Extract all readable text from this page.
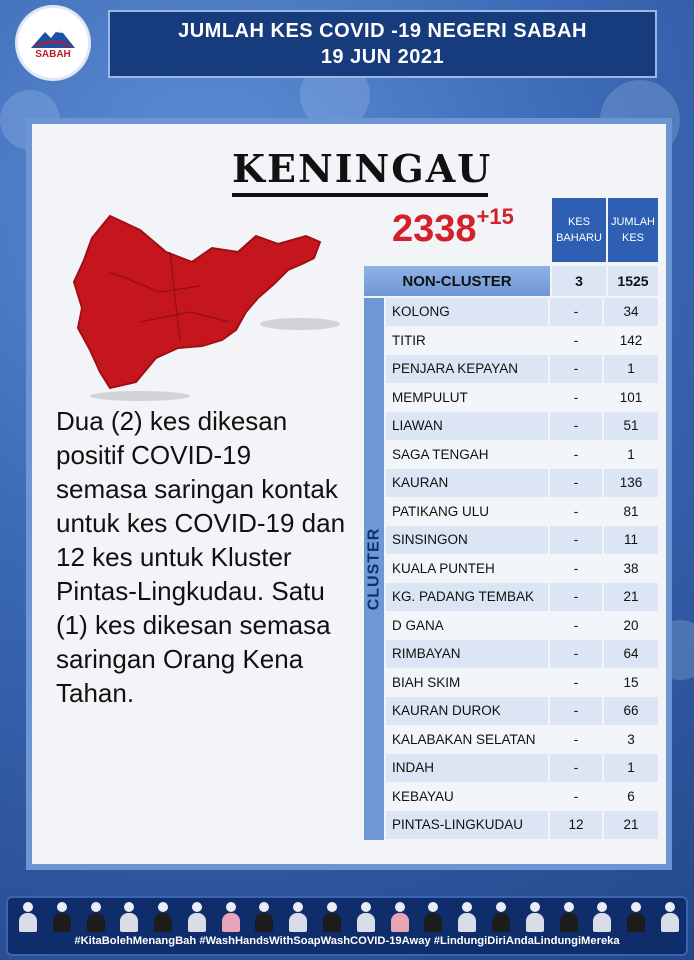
SABAH
JUMLAH KES COVID -19 NEGERI SABAH
19 JUN 2021
KENINGAU
$2338^{+15}$
Dua (2) kes dikesan positif COVID-19 semasa saringan kontak untuk kes COVID-19 dan 12 kes untuk Kluster Pintas-Lingkudau. Satu (1) kes dikesan semasa saringan Orang Kena Tahan.
KES BAHARU
JUMLAH KES
NON-CLUSTER	3	1525
CLUSTER
KOLONG	-	34
TITIR	-	142
PENJARA KEPAYAN	-	1
MEMPULUT	-	101
LIAWAN	-	51
SAGA TENGAH	-	1
KAURAN	-	136
PATIKANG ULU	-	81
SINSINGON	-	11
KUALA PUNTEH	-	38
KG. PADANG TEMBAK	-	21
D GANA	-	20
RIMBAYAN	-	64
BIAH SKIM	-	15
KAURAN DUROK	-	66
KALABAKAN SELATAN	-	3
INDAH	-	1
KEBAYAU	-	6
PINTAS-LINGKUDAU	12	21
#KitaBolehMenangBah #WashHandsWithSoapWashCOVID-19Away #LindungiDiriAndaLindungiMereka
